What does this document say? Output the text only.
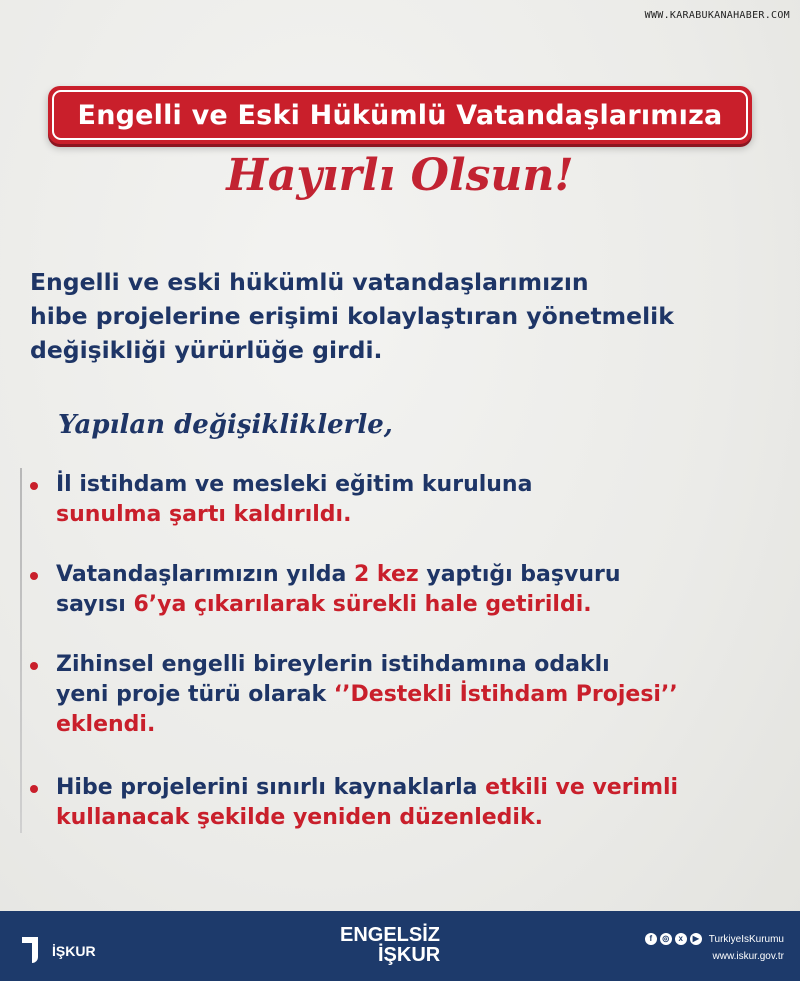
WWW.KARABUKANAHABER.COM
Engelli ve Eski Hükümlü Vatandaşlarımıza
Hayırlı Olsun!
Engelli ve eski hükümlü vatandaşlarımızın
hibe projelerine erişimi kolaylaştıran yönetmelik
değişikliği yürürlüğe girdi.
Yapılan değişikliklerle,
İl istihdam ve mesleki eğitim kuruluna
sunulma şartı kaldırıldı.
Vatandaşlarımızın yılda 2 kez yaptığı başvuru
sayısı 6’ya çıkarılarak sürekli hale getirildi.
Zihinsel engelli bireylerin istihdamına odaklı
yeni proje türü olarak ‘’Destekli İstihdam Projesi’’
eklendi.
Hibe projelerini sınırlı kaynaklarla etkili ve verimli
kullanacak şekilde yeniden düzenledik.
İŞKUR
ENGELSİZ
İŞKUR
f	◎	x	▶ TurkiyeIsKurumu
www.iskur.gov.tr
